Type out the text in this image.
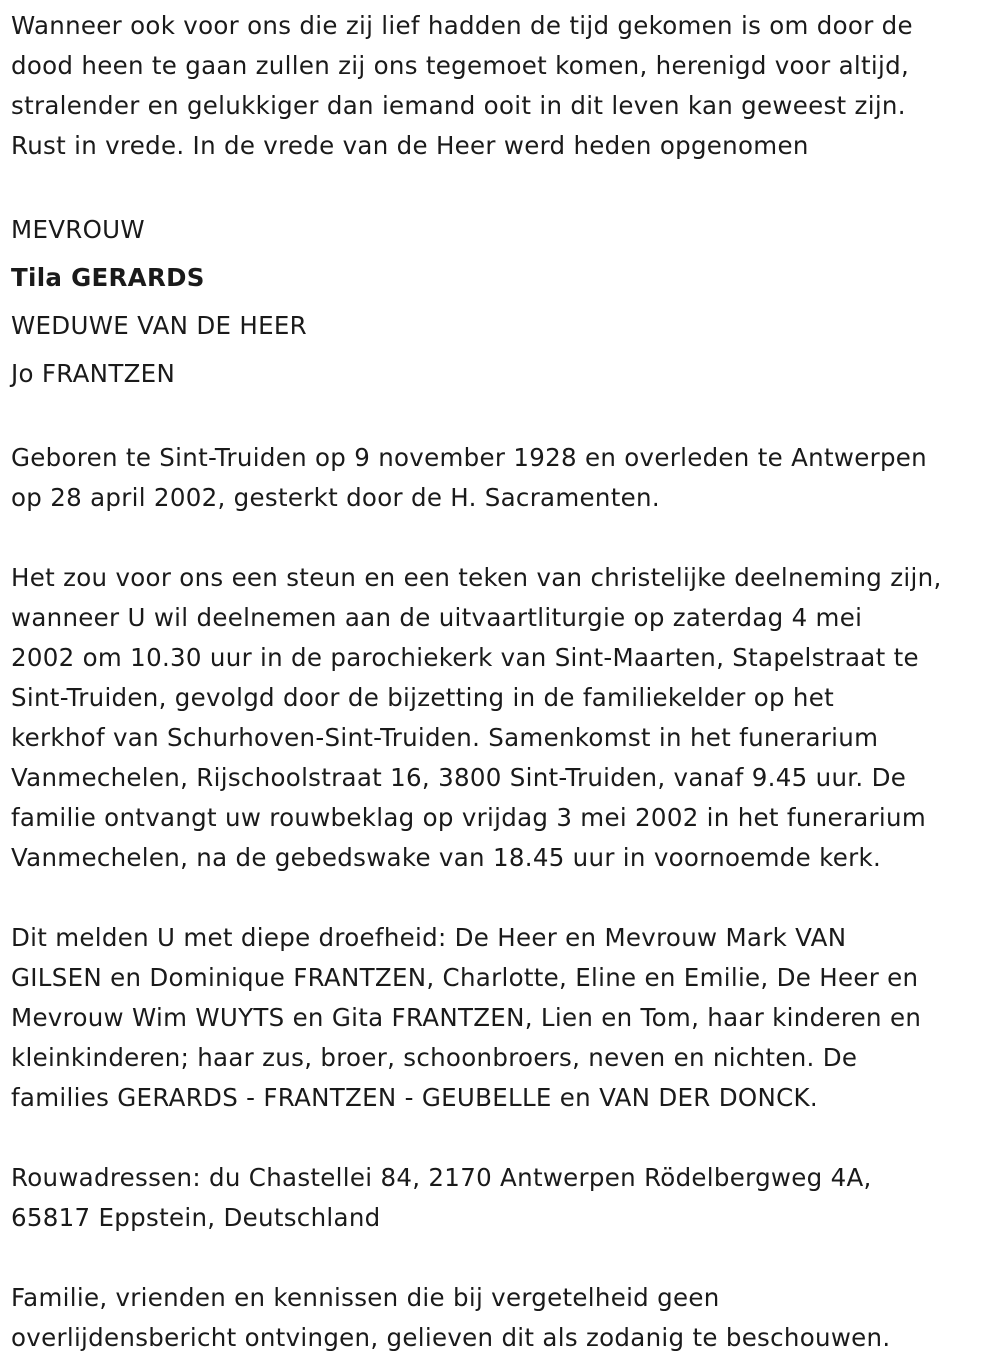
Wanneer ook voor ons die zij lief hadden de tijd gekomen is om door de

dood heen te gaan zullen zij ons tegemoet komen, herenigd voor altijd,

stralender en gelukkiger dan iemand ooit in dit leven kan geweest zijn.

Rust in vrede. In de vrede van de Heer werd heden opgenomen

MEVROUW

Tila GERARDS

WEDUWE VAN DE HEER

Jo FRANTZEN

Geboren te Sint-Truiden op 9 november 1928 en overleden te Antwerpen

op 28 april 2002, gesterkt door de H. Sacramenten.

Het zou voor ons een steun en een teken van christelijke deelneming zijn,

wanneer U wil deelnemen aan de uitvaartliturgie op zaterdag 4 mei

2002 om 10.30 uur in de parochiekerk van Sint-Maarten, Stapelstraat te

Sint-Truiden, gevolgd door de bijzetting in de familiekelder op het

kerkhof van Schurhoven-Sint-Truiden. Samenkomst in het funerarium

Vanmechelen, Rijschoolstraat 16, 3800 Sint-Truiden, vanaf 9.45 uur. De

familie ontvangt uw rouwbeklag op vrijdag 3 mei 2002 in het funerarium

Vanmechelen, na de gebedswake van 18.45 uur in voornoemde kerk.

Dit melden U met diepe droefheid: De Heer en Mevrouw Mark VAN

GILSEN en Dominique FRANTZEN, Charlotte, Eline en Emilie, De Heer en

Mevrouw Wim WUYTS en Gita FRANTZEN, Lien en Tom, haar kinderen en

kleinkinderen; haar zus, broer, schoonbroers, neven en nichten. De

families GERARDS - FRANTZEN - GEUBELLE en VAN DER DONCK.

Rouwadressen: du Chastellei 84, 2170 Antwerpen Rödelbergweg 4A,

65817 Eppstein, Deutschland

Familie, vrienden en kennissen die bij vergetelheid geen

overlijdensbericht ontvingen, gelieven dit als zodanig te beschouwen.
